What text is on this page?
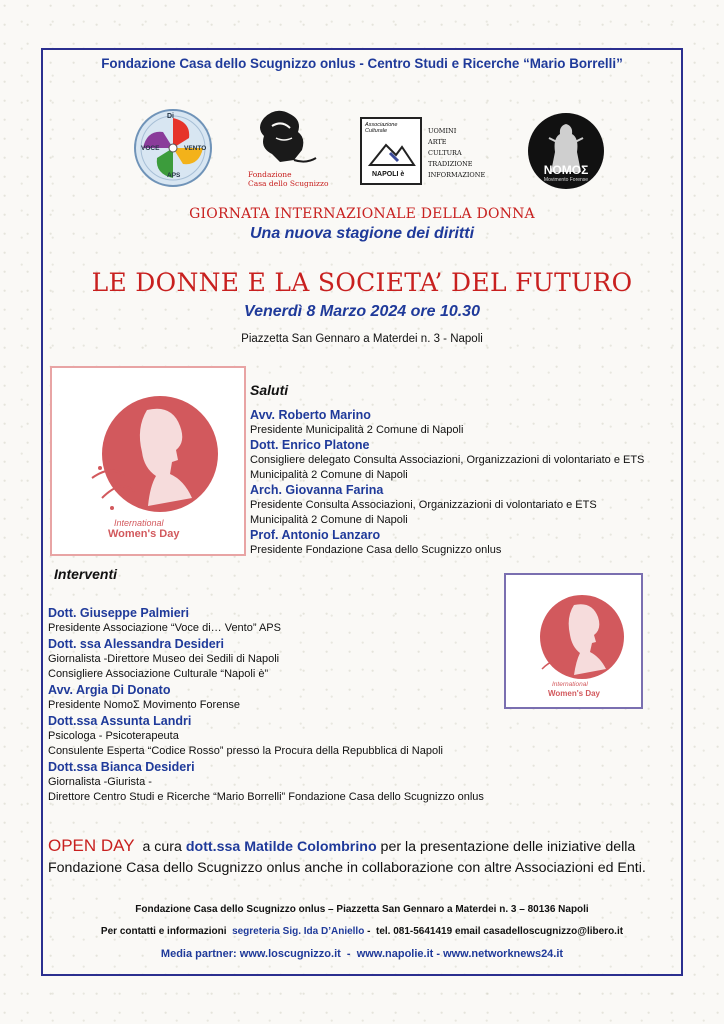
Fondazione Casa dello Scugnizzo onlus - Centro Studi e Ricerche “Mario Borrelli”
Di
VOCE	VENTO
APS	Fondazione
Casa dello Scugnizzo
Associazione Culturale
NAPOLI è
UOMINI
ARTE
CULTURA
TRADIZIONE
INFORMAZIONE	NOMOΣ
Movimento Forense
GIORNATA INTERNAZIONALE DELLA DONNA
Una nuova stagione dei diritti
LE DONNE E LA SOCIETA’ DEL FUTURO
Venerdì 8 Marzo 2024 ore 10.30
Piazzetta San Gennaro a Materdei n. 3 - Napoli
International
Women's Day
Saluti
Avv. Roberto Marino
Presidente Municipalità 2 Comune di Napoli
Dott. Enrico Platone
Consigliere delegato Consulta Associazioni, Organizzazioni di volontariato e ETS
Municipalità 2 Comune di Napoli
Arch. Giovanna Farina
Presidente Consulta Associazioni, Organizzazioni di volontariato e ETS
Municipalità 2 Comune di Napoli
Prof. Antonio Lanzaro
Presidente Fondazione Casa dello Scugnizzo onlus
Interventi
Dott. Giuseppe Palmieri
Presidente Associazione “Voce di… Vento” APS
Dott. ssa Alessandra Desideri
Giornalista -Direttore Museo dei Sedili di Napoli
Consigliere Associazione Culturale “Napoli è”
Avv. Argia Di Donato
Presidente NomoΣ Movimento Forense
Dott.ssa Assunta Landri
Psicologa - Psicoterapeuta
Consulente Esperta “Codice Rosso” presso la Procura della Repubblica di Napoli
Dott.ssa Bianca Desideri
Giornalista -Giurista -
Direttore Centro Studi e Ricerche “Mario Borrelli” Fondazione Casa dello Scugnizzo onlus
International
Women's Day
OPEN DAY  a cura dott.ssa Matilde Colombrino per la presentazione delle iniziative della
Fondazione Casa dello Scugnizzo onlus anche in collaborazione con altre Associazioni ed Enti.
Fondazione Casa dello Scugnizzo onlus – Piazzetta San Gennaro a Materdei n. 3 – 80136 Napoli
Per contatti e informazioni  segreteria Sig. Ida D’Aniello -  tel. 081-5641419 email casadelloscugnizzo@libero.it
Media partner: www.loscugnizzo.it  -  www.napolie.it - www.networknews24.it
